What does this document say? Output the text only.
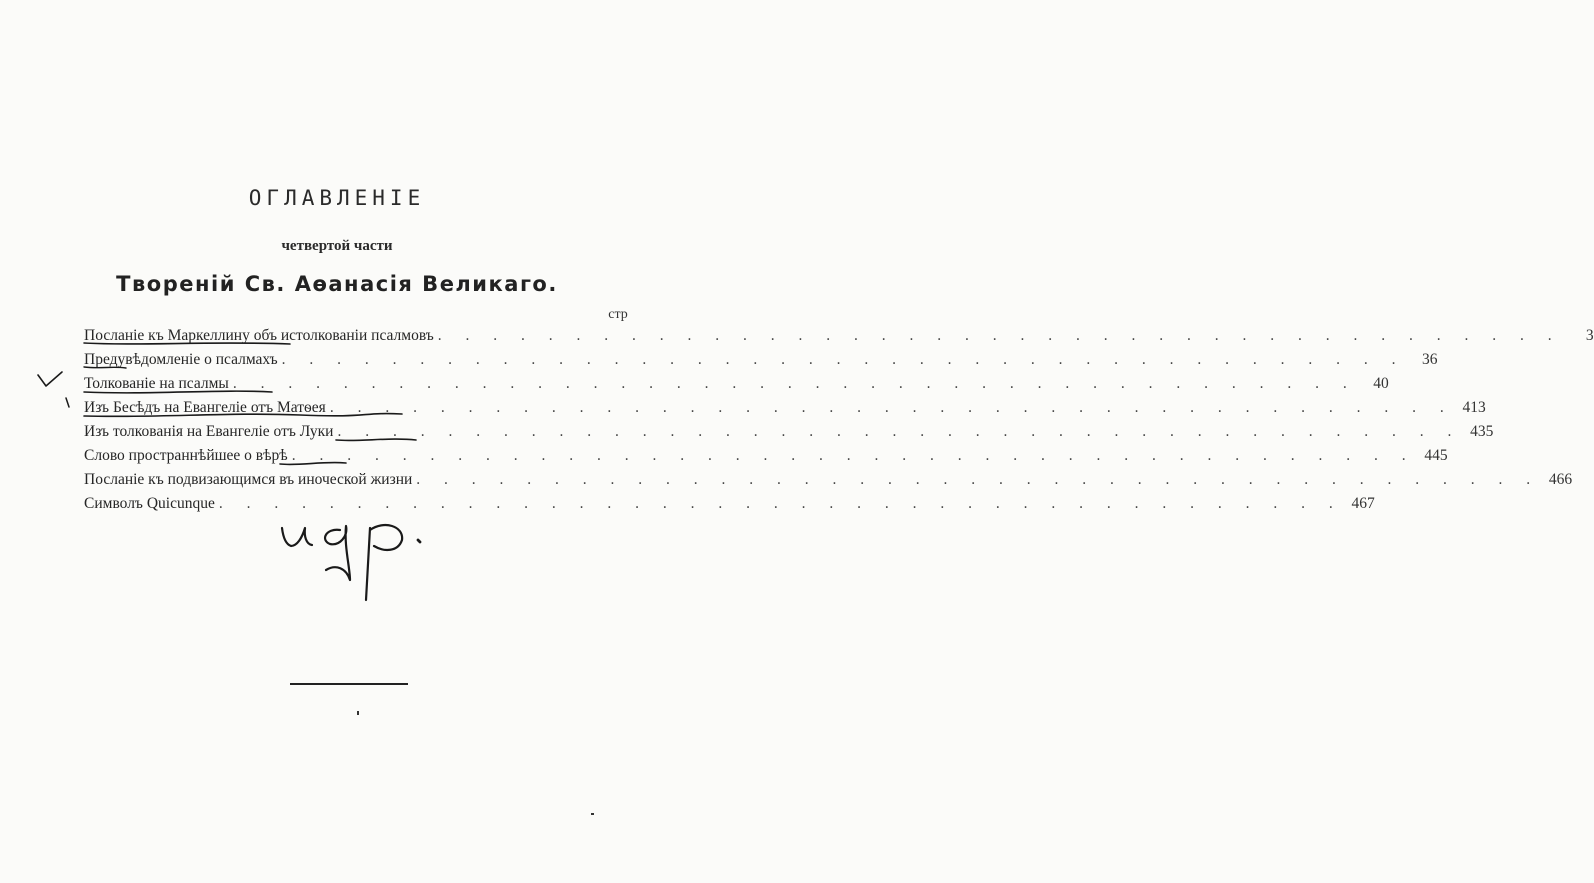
ОГЛАВЛЕНІЕ
четвертой части
Твореній Св. Аѳанасія Великаго.
стр
Посланіе къ Маркеллину объ истолкованіи псалмовъ . . . . . . . . . . . . . . . . . . . . . . . . . . . . . . . . . . . . . . . . .	3
Предувѣдомленіе о псалмахъ . . . . . . . . . . . . . . . . . . . . . . . . . . . . . . . . . . . . . . . . .	36
Толкованіе на псалмы . . . . . . . . . . . . . . . . . . . . . . . . . . . . . . . . . . . . . . . . .	40
Изъ Бесѣдъ на Евангеліе отъ Матѳея . . . . . . . . . . . . . . . . . . . . . . . . . . . . . . . . . . . . . . . . . 413
Изъ толкованія на Евангеліе отъ Луки . . . . . . . . . . . . . . . . . . . . . . . . . . . . . . . . . . . . . . . . . 435
Слово пространнѣйшее о вѣрѣ . . . . . . . . . . . . . . . . . . . . . . . . . . . . . . . . . . . . . . . . . 445
Посланіе къ подвизающимся въ иноческой жизни . . . . . . . . . . . . . . . . . . . . . . . . . . . . . . . . . . . . . . . . . 466
Символъ Quicunque . . . . . . . . . . . . . . . . . . . . . . . . . . . . . . . . . . . . . . . . . 467
